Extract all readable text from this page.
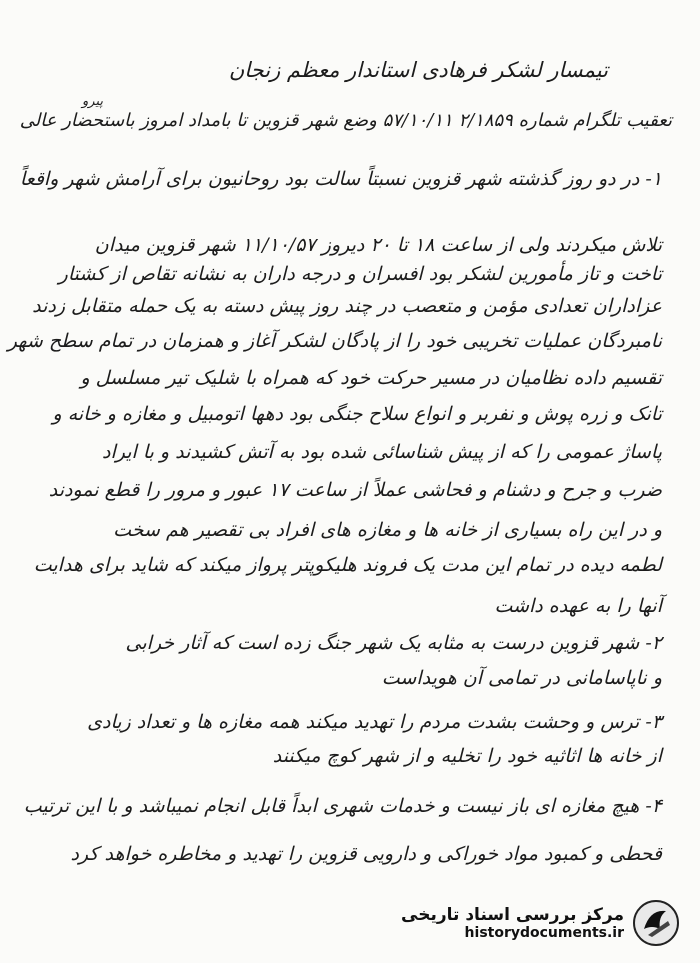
تیمسار لشکر فرهادی استاندار معظم زنجان
پیرو
تعقیب تلگرام شماره ۲/۱۸۵۹ ۵۷/۱۰/۱۱ وضع شهر قزوین تا بامداد امروز باستحضار عالی
۱- در دو روز گذشته شهر قزوین نسبتاً سالت بود روحانیون برای آرامش شهر واقعاً
تلاش میکردند ولی از ساعت ۱۸ تا ۲۰ دیروز ۱۱/۱۰/۵۷ شهر قزوین میدان
تاخت و تاز مأمورین لشکر بود افسران و درجه داران به نشانه تقاص از کشتار
عزاداران تعدادی مؤمن و متعصب در چند روز پیش دسته به یک حمله متقابل زدند
نامبردگان عملیات تخریبی خود را از پادگان لشکر آغاز و همزمان در تمام سطح شهر
تقسیم داده نظامیان در مسیر حرکت خود که همراه با شلیک تیر مسلسل و
تانک و زره پوش و نفربر و انواع سلاح جنگی بود دهها اتومبیل و مغازه و خانه و
پاساژ عمومی را که از پیش شناسائی شده بود به آتش کشیدند و با ایراد
ضرب و جرح و دشنام و فحاشی عملاً از ساعت ۱۷ عبور و مرور را قطع نمودند
و در این راه بسیاری از خانه ها و مغازه های افراد بی تقصیر هم سخت
لطمه دیده در تمام این مدت یک فروند هلیکوپتر پرواز میکند که شاید برای هدایت
آنها را به عهده داشت
۲- شهر قزوین درست به مثابه یک شهر جنگ زده است که آثار خرابی
و ناپاسامانی در تمامی آن هویداست
۳- ترس و وحشت بشدت مردم را تهدید میکند همه مغازه ها و تعداد زیادی
از خانه ها اثاثیه خود را تخلیه و از شهر کوچ میکنند
۴- هیچ مغازه ای باز نیست و خدمات شهری ابداً قابل انجام نمیباشد و با این ترتیب
قحطی و کمبود مواد خوراکی و دارویی قزوین را تهدید و مخاطره خواهد کرد
مرکز بررسی اسناد تاریخی
historydocuments.ir
